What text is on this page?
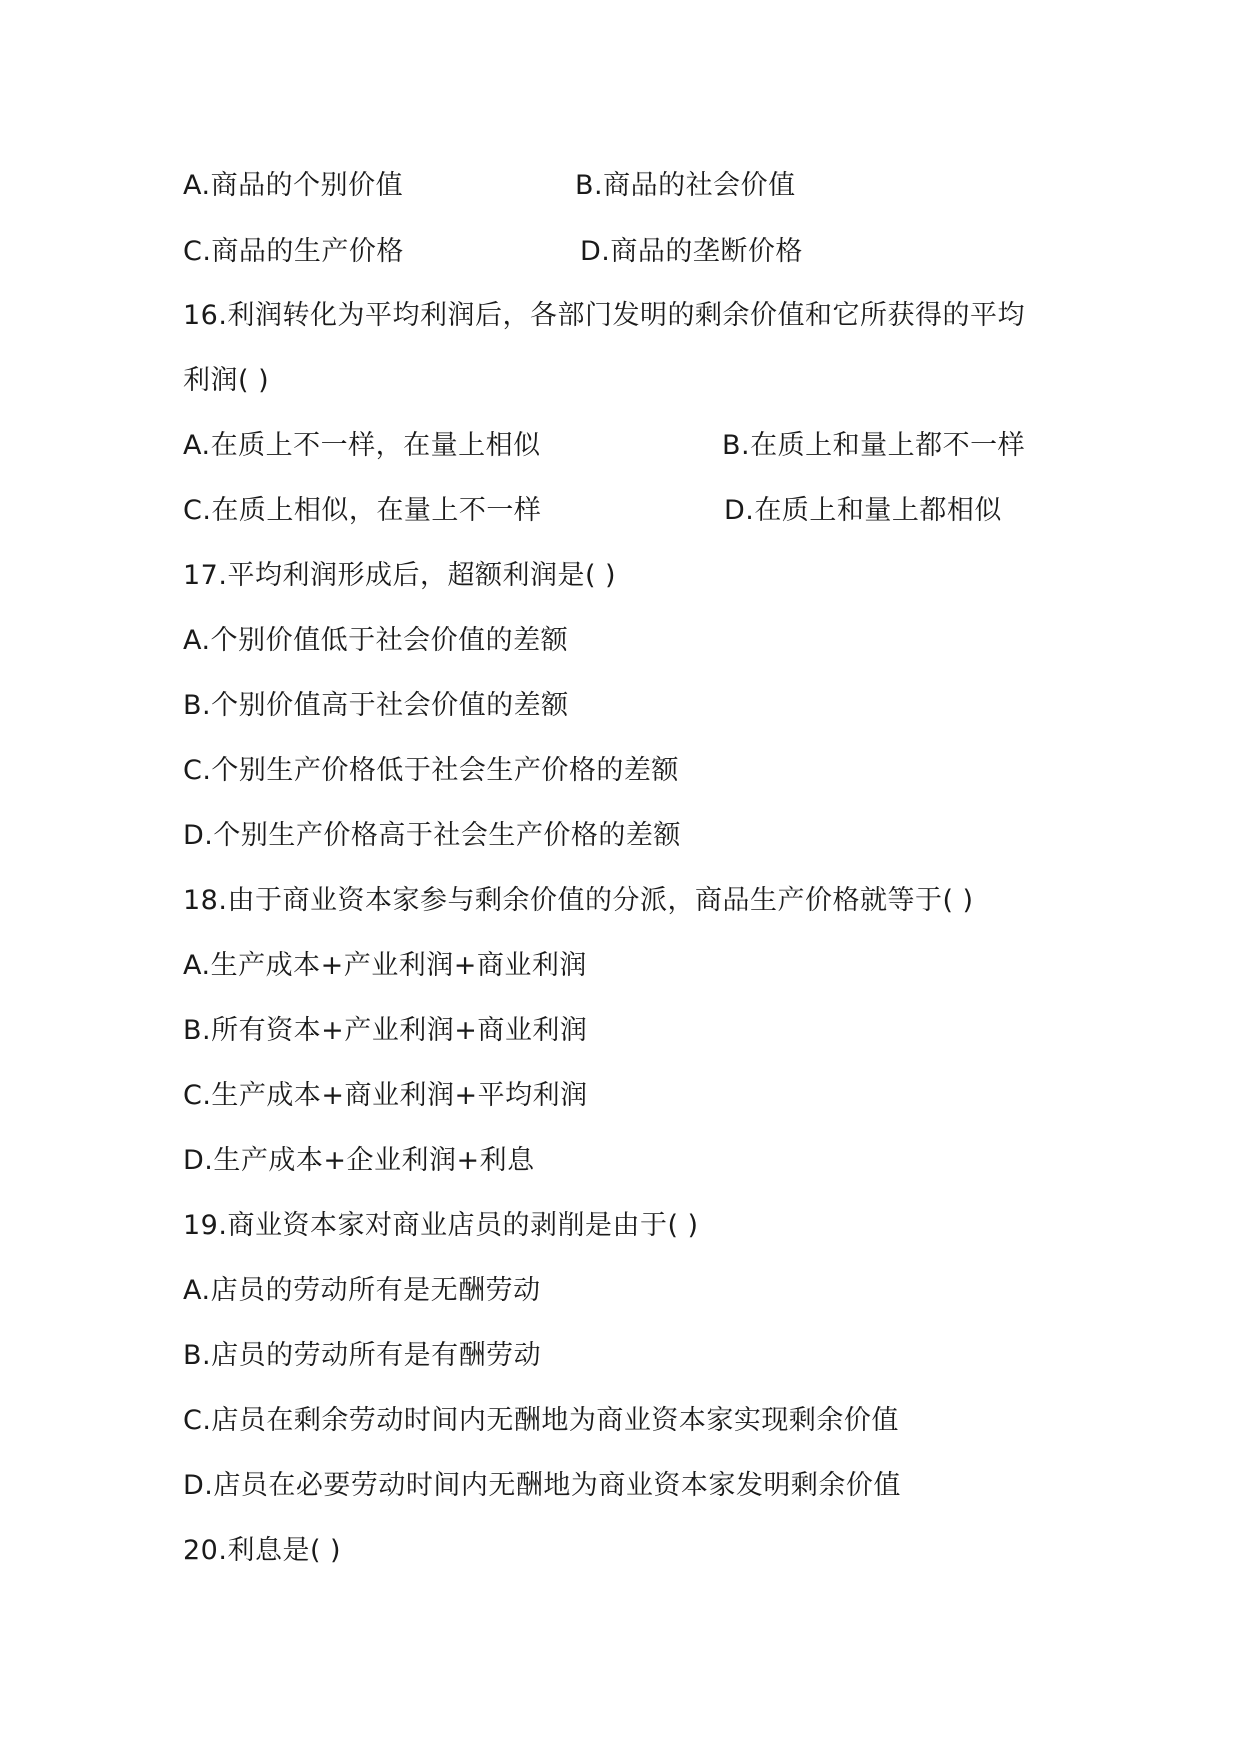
A.商品的个别价值	B.商品的社会价值
C.商品的生产价格	D.商品的垄断价格
16.利润转化为平均利润后，各部门发明的剩余价值和它所获得的平均
利润( )
A.在质上不一样，在量上相似	B.在质上和量上都不一样
C.在质上相似，在量上不一样	D.在质上和量上都相似
17.平均利润形成后，超额利润是( )
A.个别价值低于社会价值的差额
B.个别价值高于社会价值的差额
C.个别生产价格低于社会生产价格的差额
D.个别生产价格高于社会生产价格的差额
18.由于商业资本家参与剩余价值的分派，商品生产价格就等于( )
A.生产成本+产业利润+商业利润
B.所有资本+产业利润+商业利润
C.生产成本+商业利润+平均利润
D.生产成本+企业利润+利息
19.商业资本家对商业店员的剥削是由于( )
A.店员的劳动所有是无酬劳动
B.店员的劳动所有是有酬劳动
C.店员在剩余劳动时间内无酬地为商业资本家实现剩余价值
D.店员在必要劳动时间内无酬地为商业资本家发明剩余价值
20.利息是( )
